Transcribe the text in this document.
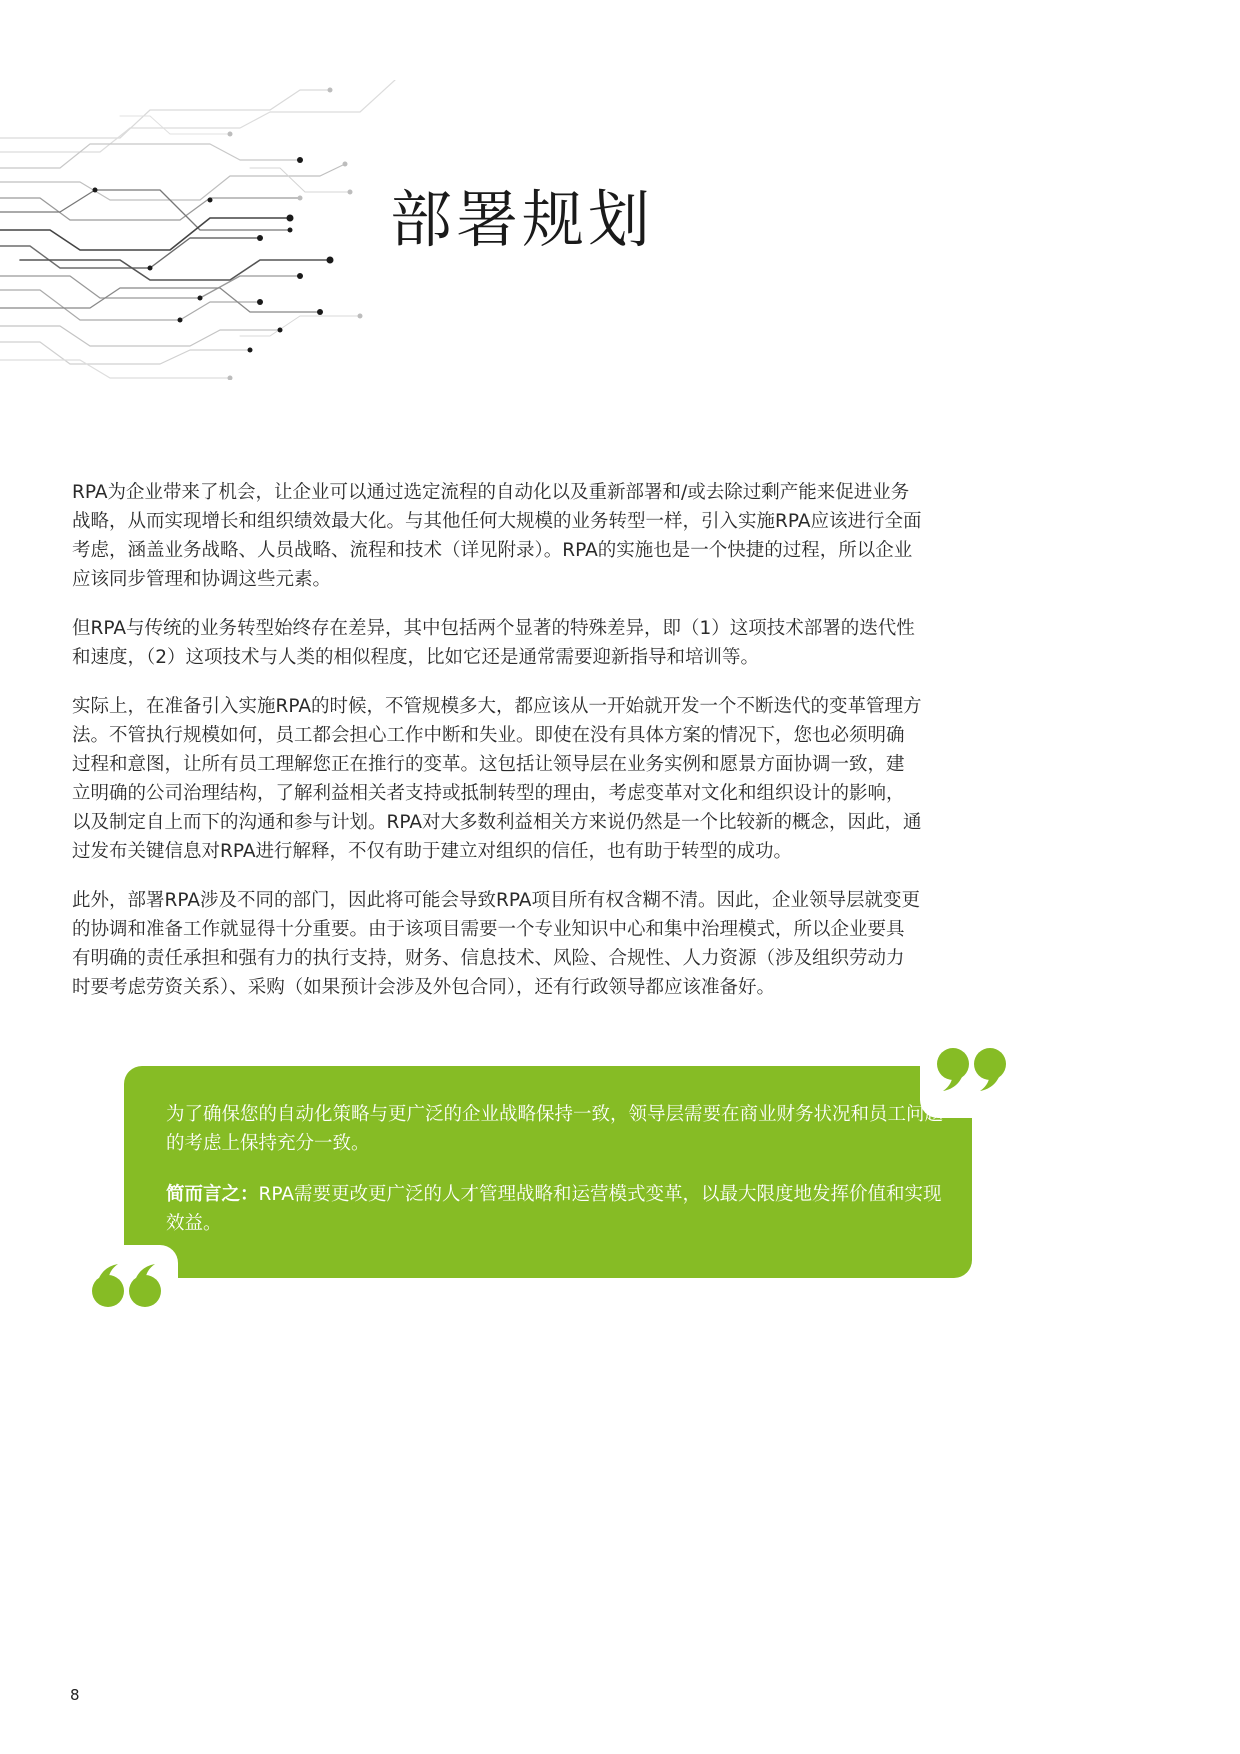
部署规划

RPA为企业带来了机会，让企业可以通过选定流程的自动化以及重新部署和/或去除过剩产能来促进业务战略，从而实现增长和组织绩效最大化。与其他任何大规模的业务转型一样，引入实施RPA应该进行全面考虑，涵盖业务战略、人员战略、流程和技术（详见附录）。RPA的实施也是一个快捷的过程，所以企业应该同步管理和协调这些元素。

但RPA与传统的业务转型始终存在差异，其中包括两个显著的特殊差异，即（1）这项技术部署的迭代性和速度，（2）这项技术与人类的相似程度，比如它还是通常需要迎新指导和培训等。

实际上，在准备引入实施RPA的时候，不管规模多大，都应该从一开始就开发一个不断迭代的变革管理方法。不管执行规模如何，员工都会担心工作中断和失业。即使在没有具体方案的情况下，您也必须明确过程和意图，让所有员工理解您正在推行的变革。这包括让领导层在业务实例和愿景方面协调一致，建立明确的公司治理结构，了解利益相关者支持或抵制转型的理由，考虑变革对文化和组织设计的影响，以及制定自上而下的沟通和参与计划。RPA对大多数利益相关方来说仍然是一个比较新的概念，因此，通过发布关键信息对RPA进行解释，不仅有助于建立对组织的信任，也有助于转型的成功。

此外，部署RPA涉及不同的部门，因此将可能会导致RPA项目所有权含糊不清。因此，企业领导层就变更的协调和准备工作就显得十分重要。由于该项目需要一个专业知识中心和集中治理模式，所以企业要具有明确的责任承担和强有力的执行支持，财务、信息技术、风险、合规性、人力资源（涉及组织劳动力时要考虑劳资关系）、采购（如果预计会涉及外包合同），还有行政领导都应该准备好。

为了确保您的自动化策略与更广泛的企业战略保持一致，领导层需要在商业财务状况和员工问题的考虑上保持充分一致。

简而言之：RPA需要更改更广泛的人才管理战略和运营模式变革，以最大限度地发挥价值和实现效益。

8
